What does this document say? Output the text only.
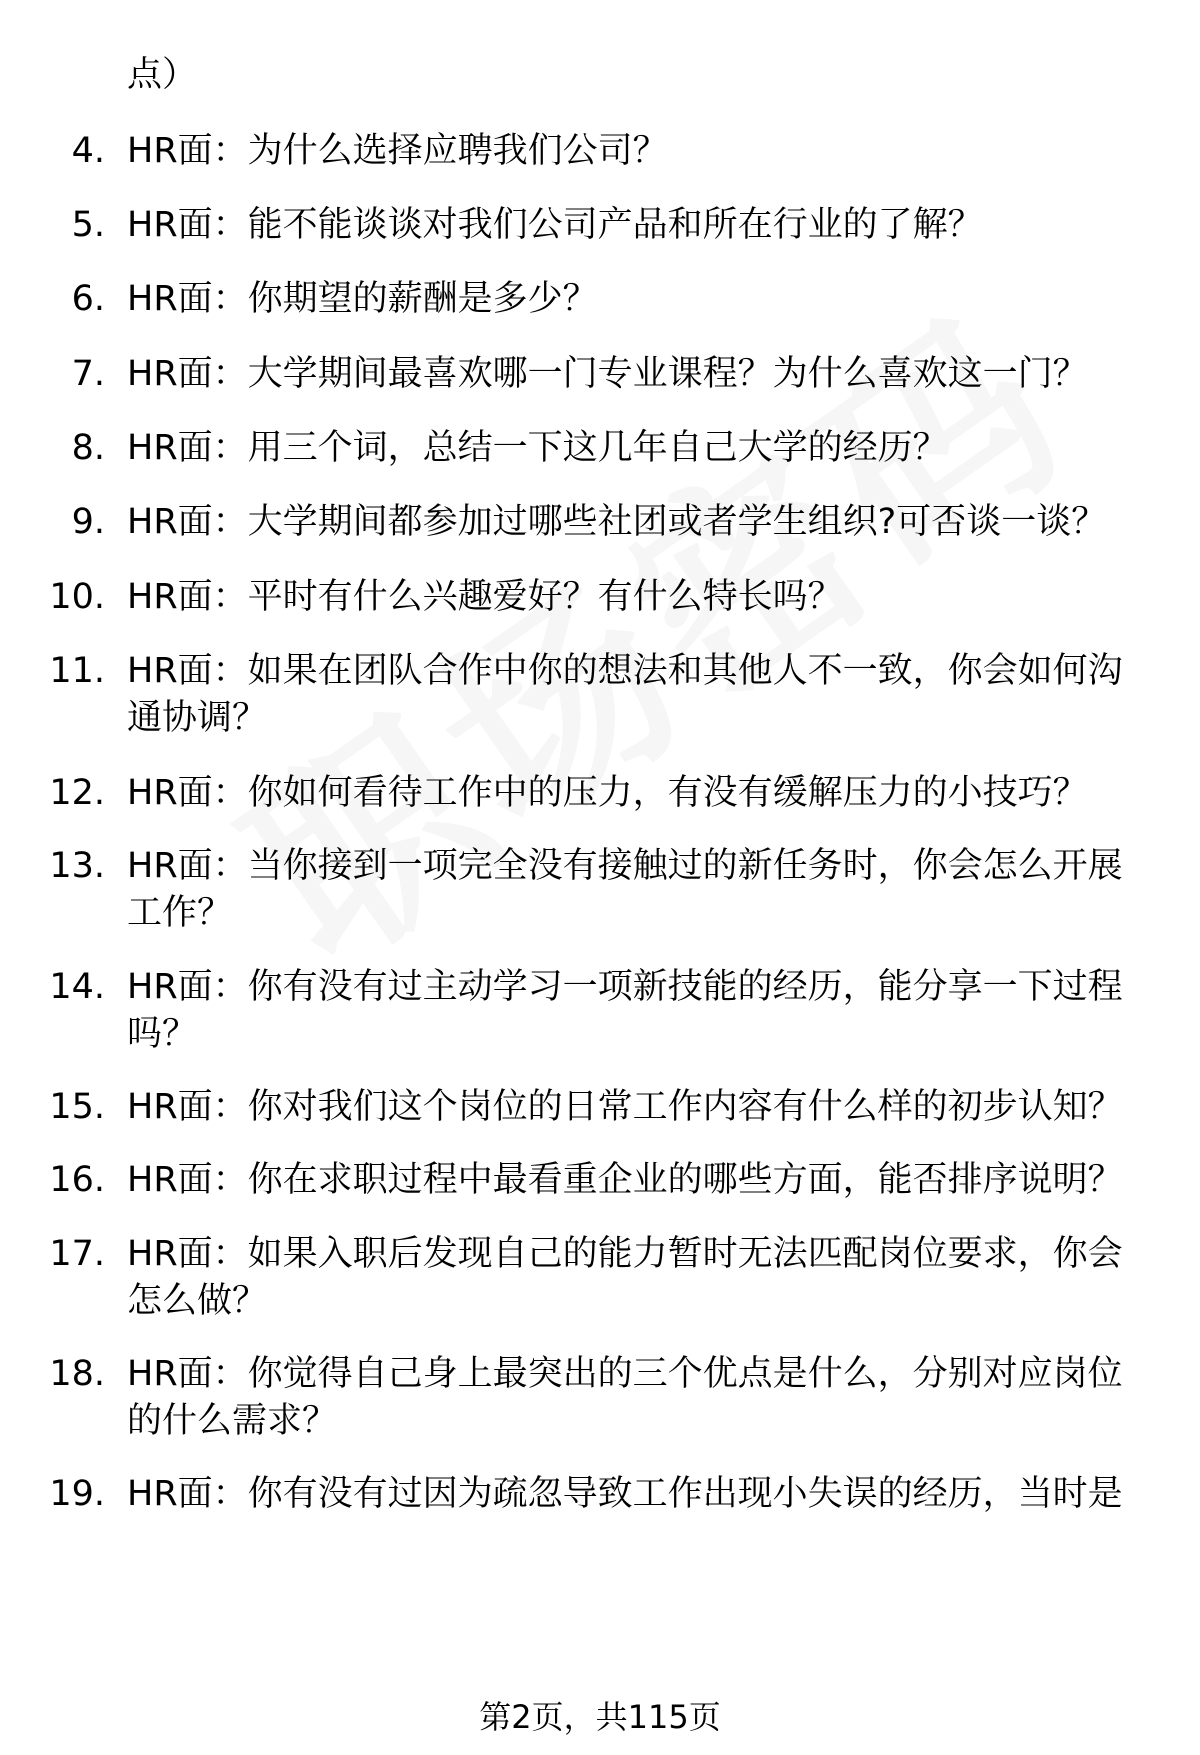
点）
4. HR面：为什么选择应聘我们公司？
5. HR面：能不能谈谈对我们公司产品和所在行业的了解？
6. HR面：你期望的薪酬是多少？
7. HR面：大学期间最喜欢哪一门专业课程？为什么喜欢这一门？
8. HR面：用三个词，总结一下这几年自己大学的经历？
9. HR面：大学期间都参加过哪些社团或者学生组织?可否谈一谈？
10. HR面：平时有什么兴趣爱好？有什么特长吗？
11. HR面：如果在团队合作中你的想法和其他人不一致，你会如何沟通协调？
12. HR面：你如何看待工作中的压力，有没有缓解压力的小技巧？
13. HR面：当你接到一项完全没有接触过的新任务时，你会怎么开展工作？
14. HR面：你有没有过主动学习一项新技能的经历，能分享一下过程吗？
15. HR面：你对我们这个岗位的日常工作内容有什么样的初步认知？
16. HR面：你在求职过程中最看重企业的哪些方面，能否排序说明？
17. HR面：如果入职后发现自己的能力暂时无法匹配岗位要求，你会怎么做？
18. HR面：你觉得自己身上最突出的三个优点是什么，分别对应岗位的什么需求？
19. HR面：你有没有过因为疏忽导致工作出现小失误的经历，当时是
第2页，共115页
